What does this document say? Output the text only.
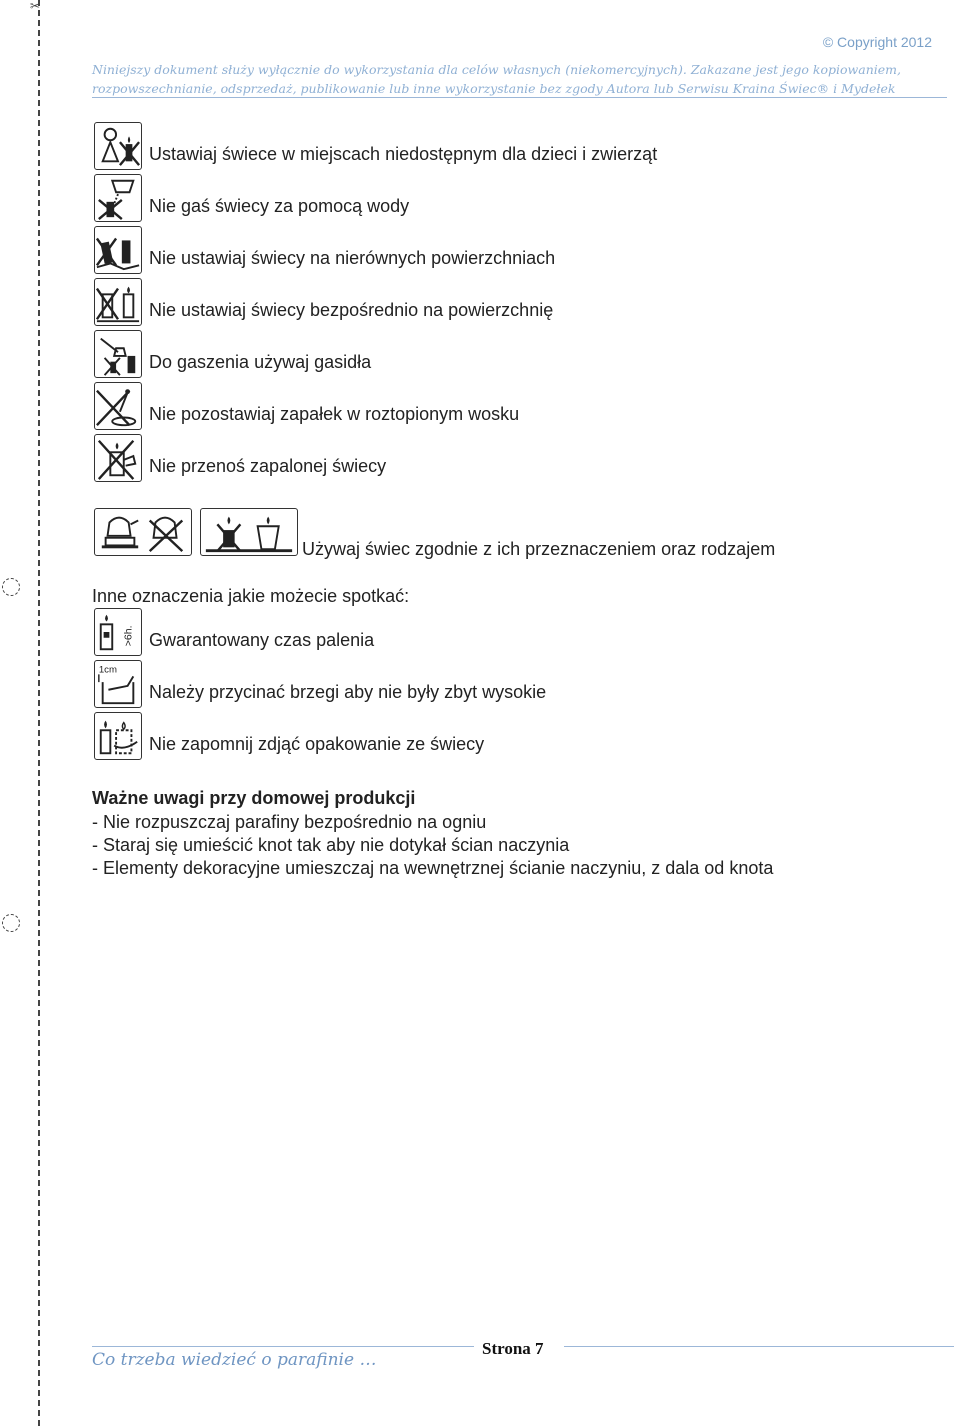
✂
© Copyright 2012
Niniejszy dokument służy wyłącznie do wykorzystania dla celów własnych (niekomercyjnych). Zakazane jest jego kopiowaniem,
rozpowszechnianie, odsprzedaż, publikowanie lub inne wykorzystanie bez zgody Autora lub Serwisu Kraina Świec® i Mydełek
Ustawiaj świece w miejscach niedostępnym dla dzieci i zwierząt
Nie gaś świecy za pomocą wody
Nie ustawiaj świecy na nierównych powierzchniach
Nie ustawiaj świecy bezpośrednio na powierzchnię
Do gaszenia używaj gasidła
Nie pozostawiaj zapałek w roztopionym wosku
Nie przenoś zapalonej świecy
Używaj świec zgodnie z ich przeznaczeniem oraz rodzajem
Inne oznaczenia jakie możecie spotkać:
>6h. Gwarantowany czas palenia
1cm
Należy przycinać brzegi aby nie były zbyt wysokie
Nie zapomnij zdjąć opakowanie ze świecy
Ważne uwagi przy domowej produkcji
- Nie rozpuszczaj parafiny bezpośrednio na ogniu
- Staraj się umieścić knot tak aby nie dotykał ścian naczynia
- Elementy dekoracyjne umieszczaj na wewnętrznej ścianie naczyniu, z dala od knota
Co trzeba wiedzieć o parafinie …
Strona 7
